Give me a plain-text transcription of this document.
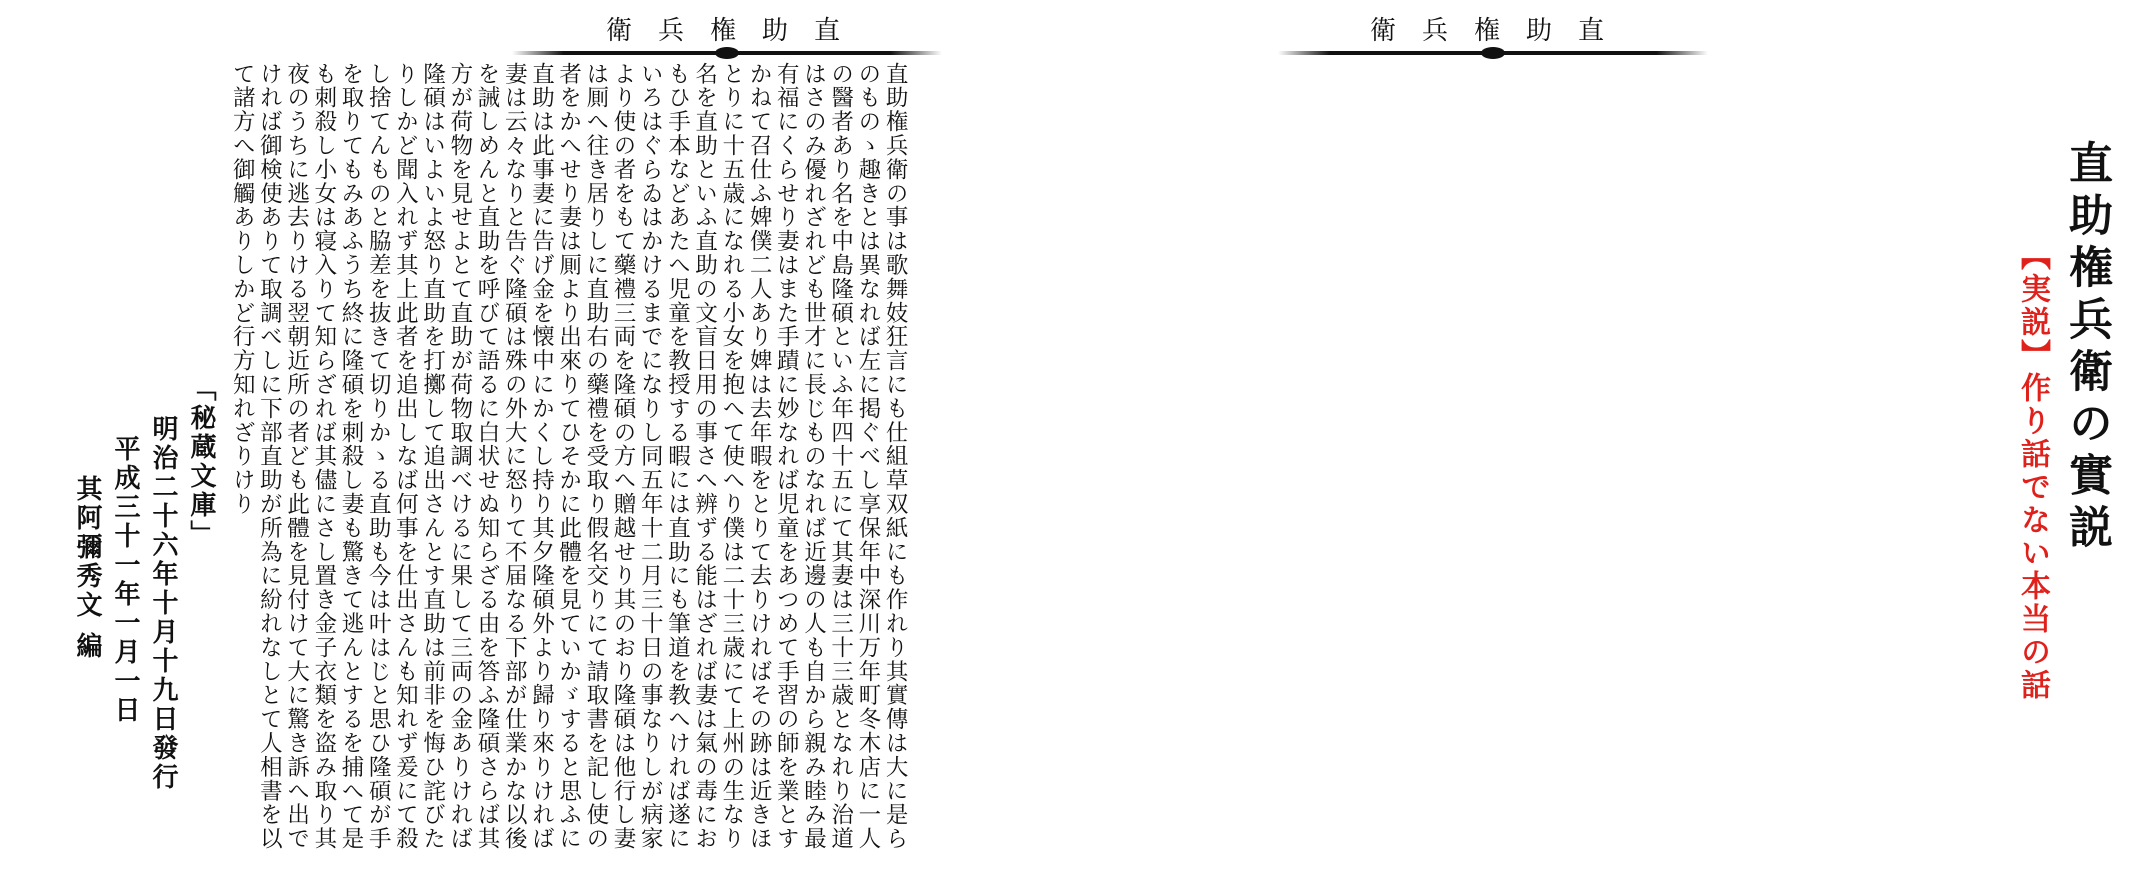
衛兵権助直	衛兵権助直

直助権兵衛の實説

【実説】作り話でない本当の話

直助権兵衛の事は歌舞妓狂言にも仕組草双紙にも作れり其實傳は大に是らのものゝ趣きとは異なれば左に掲ぐべし享保年中深川万年町冬木店に一人の醫者あり名を中島隆碩といふ年四十五にて其妻は三十三歳となれり治道はさのみ優れざれども世才に長じものなれば近邊の人も自から親み睦み最有福にくらせり妻はまた手蹟に妙なれば児童をあつめて手習の師を業とすかねて召仕ふ婢僕二人あり婢は去年暇をとりて去りければその跡は近きほとりに十五歳になれる小女を抱へて使へり僕は二十三歳にて上州の生なり名を直助といふ直助の文盲日用の事さへ辨ずる能はざれば妻は氣の毒におもひ手本などあたへ児童を教授する暇には直助にも筆道を教へければ遂にいろはぐらゐはかけるまでになりし同五年十二月三十日の事なりしが病家より使の者をもて藥禮三両を隆碩の方へ贈越せり其のおり隆碩は他行し妻は厠へ往き居りしに直助右の藥禮を受取り假名交りにて請取書を記し使の者をかへせり妻は厠より出來りてひそかに此體を見ていかゞすると思ふに直助は此事妻に告げ金を懐中にかくし持り其夕隆碩外より歸り來りければ妻は云々なりと告ぐ隆碩は殊の外大に怒りて不届なる下部が仕業かな以後を誡しめんと直助を呼びて語るに白状せぬ知らざる由を答ふ隆碩さらば其方が荷物を見せよとて直助が荷物取調べけるに果して三両の金ありければ隆碩はいよいよ怒り直助を打擲して追出さんとす直助は前非を悔ひ詫びたりしかど聞入れず其上此者を追出しなば何事を仕出さんも知れず爰にて殺し捨てんものと脇差を抜きて切りかゝる直助も今は叶はじと思ひ隆碩が手を取りてもみあふうち終に隆碩を刺殺し妻も驚きて逃んとするを捕へて是も刺殺し小女は寝入りて知らざれば其儘にさし置き金子衣類を盗み取り其夜のうちに逃去りける翌朝近所の者ども此體を見付けて大に驚き訴へ出でければ御検使ありて取調べしに下部直助が所為に紛れなしとて人相書を以て諸方へ御觸ありしかど行方知れざりけり

「秘蔵文庫」
明治二十六年十月十九日發行
平成三十一年一月一日
其阿彌秀文 編
